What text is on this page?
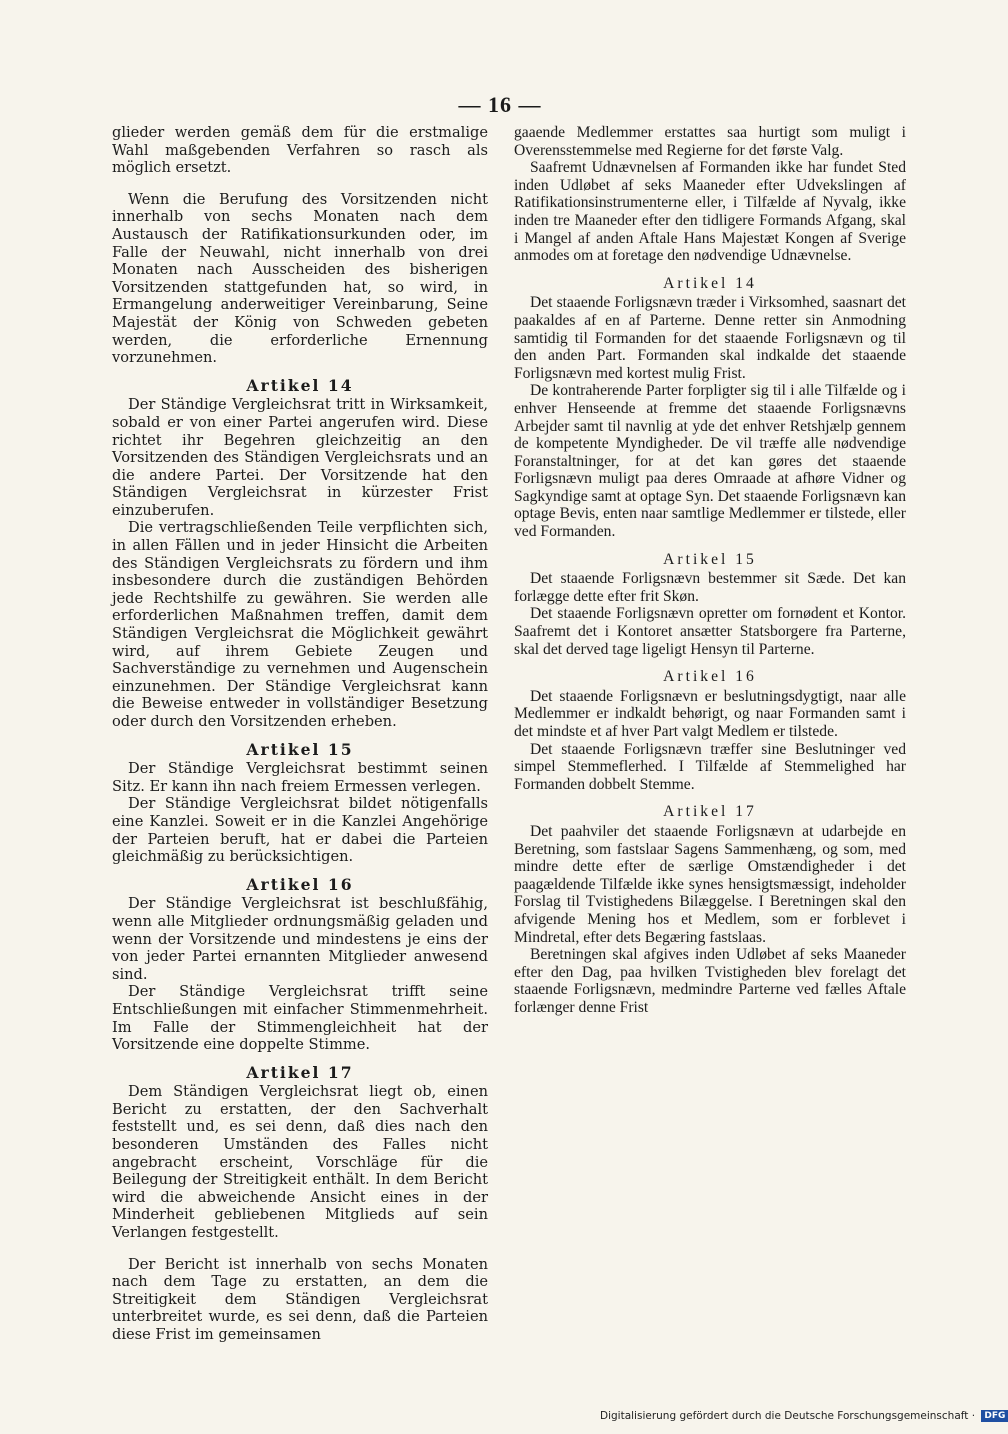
— 16 —

glieder werden gemäß dem für die erstmalige Wahl maßgebenden Verfahren so rasch als möglich ersetzt.

Wenn die Berufung des Vorsitzenden nicht innerhalb von sechs Monaten nach dem Austausch der Ratifikationsurkunden oder, im Falle der Neuwahl, nicht innerhalb von drei Monaten nach Ausscheiden des bisherigen Vorsitzenden stattgefunden hat, so wird, in Ermangelung anderweitiger Vereinbarung, Seine Majestät der König von Schweden gebeten werden, die erforderliche Ernennung vorzunehmen.

Artikel 14

Der Ständige Vergleichsrat tritt in Wirksamkeit, sobald er von einer Partei angerufen wird. Diese richtet ihr Begehren gleichzeitig an den Vorsitzenden des Ständigen Vergleichsrats und an die andere Partei. Der Vorsitzende hat den Ständigen Vergleichsrat in kürzester Frist einzuberufen.

Die vertragschließenden Teile verpflichten sich, in allen Fällen und in jeder Hinsicht die Arbeiten des Ständigen Vergleichsrats zu fördern und ihm insbesondere durch die zuständigen Behörden jede Rechtshilfe zu gewähren. Sie werden alle erforderlichen Maßnahmen treffen, damit dem Ständigen Vergleichsrat die Möglichkeit gewährt wird, auf ihrem Gebiete Zeugen und Sachverständige zu vernehmen und Augenschein einzunehmen. Der Ständige Vergleichsrat kann die Beweise entweder in vollständiger Besetzung oder durch den Vorsitzenden erheben.

Artikel 15

Der Ständige Vergleichsrat bestimmt seinen Sitz. Er kann ihn nach freiem Ermessen verlegen.

Der Ständige Vergleichsrat bildet nötigenfalls eine Kanzlei. Soweit er in die Kanzlei Angehörige der Parteien beruft, hat er dabei die Parteien gleichmäßig zu berücksichtigen.

Artikel 16

Der Ständige Vergleichsrat ist beschlußfähig, wenn alle Mitglieder ordnungsmäßig geladen und wenn der Vorsitzende und mindestens je eins der von jeder Partei ernannten Mitglieder anwesend sind.

Der Ständige Vergleichsrat trifft seine Entschließungen mit einfacher Stimmenmehrheit. Im Falle der Stimmengleichheit hat der Vorsitzende eine doppelte Stimme.

Artikel 17

Dem Ständigen Vergleichsrat liegt ob, einen Bericht zu erstatten, der den Sachverhalt feststellt und, es sei denn, daß dies nach den besonderen Umständen des Falles nicht angebracht erscheint, Vorschläge für die Beilegung der Streitigkeit enthält. In dem Bericht wird die abweichende Ansicht eines in der Minderheit gebliebenen Mitglieds auf sein Verlangen festgestellt.

Der Bericht ist innerhalb von sechs Monaten nach dem Tage zu erstatten, an dem die Streitigkeit dem Ständigen Vergleichsrat unterbreitet wurde, es sei denn, daß die Parteien diese Frist im gemeinsamen

gaaende Medlemmer erstattes saa hurtigt som muligt i Overensstemmelse med Regierne for det første Valg.

Saafremt Udnævnelsen af Formanden ikke har fundet Sted inden Udløbet af seks Maaneder efter Udvekslingen af Ratifikationsinstrumenterne eller, i Tilfælde af Nyvalg, ikke inden tre Maaneder efter den tidligere Formands Afgang, skal i Mangel af anden Aftale Hans Majestæt Kongen af Sverige anmodes om at foretage den nødvendige Udnævnelse.

Artikel 14

Det staaende Forligsnævn træder i Virksomhed, saasnart det paakaldes af en af Parterne. Denne retter sin Anmodning samtidig til Formanden for det staaende Forligsnævn og til den anden Part. Formanden skal indkalde det staaende Forligsnævn med kortest mulig Frist.

De kontraherende Parter forpligter sig til i alle Tilfælde og i enhver Henseende at fremme det staaende Forligsnævns Arbejder samt til navnlig at yde det enhver Retshjælp gennem de kompetente Myndigheder. De vil træffe alle nødvendige Foranstaltninger, for at det kan gøres det staaende Forligsnævn muligt paa deres Omraade at afhøre Vidner og Sagkyndige samt at optage Syn. Det staaende Forligsnævn kan optage Bevis, enten naar samtlige Medlemmer er tilstede, eller ved Formanden.

Artikel 15

Det staaende Forligsnævn bestemmer sit Sæde. Det kan forlægge dette efter frit Skøn.

Det staaende Forligsnævn opretter om fornødent et Kontor. Saafremt det i Kontoret ansætter Statsborgere fra Parterne, skal det derved tage ligeligt Hensyn til Parterne.

Artikel 16

Det staaende Forligsnævn er beslutningsdygtigt, naar alle Medlemmer er indkaldt behørigt, og naar Formanden samt i det mindste et af hver Part valgt Medlem er tilstede.

Det staaende Forligsnævn træffer sine Beslutninger ved simpel Stemmeflerhed. I Tilfælde af Stemmelighed har Formanden dobbelt Stemme.

Artikel 17

Det paahviler det staaende Forligsnævn at udarbejde en Beretning, som fastslaar Sagens Sammenhæng, og som, med mindre dette efter de særlige Omstændigheder i det paagældende Tilfælde ikke synes hensigtsmæssigt, indeholder Forslag til Tvistighedens Bilæggelse. I Beretningen skal den afvigende Mening hos et Medlem, som er forblevet i Mindretal, efter dets Begæring fastslaas.

Beretningen skal afgives inden Udløbet af seks Maaneder efter den Dag, paa hvilken Tvistigheden blev forelagt det staaende Forligsnævn, medmindre Parterne ved fælles Aftale forlænger denne Frist

Digitalisierung gefördert durch die Deutsche Forschungsgemeinschaft · DFG
